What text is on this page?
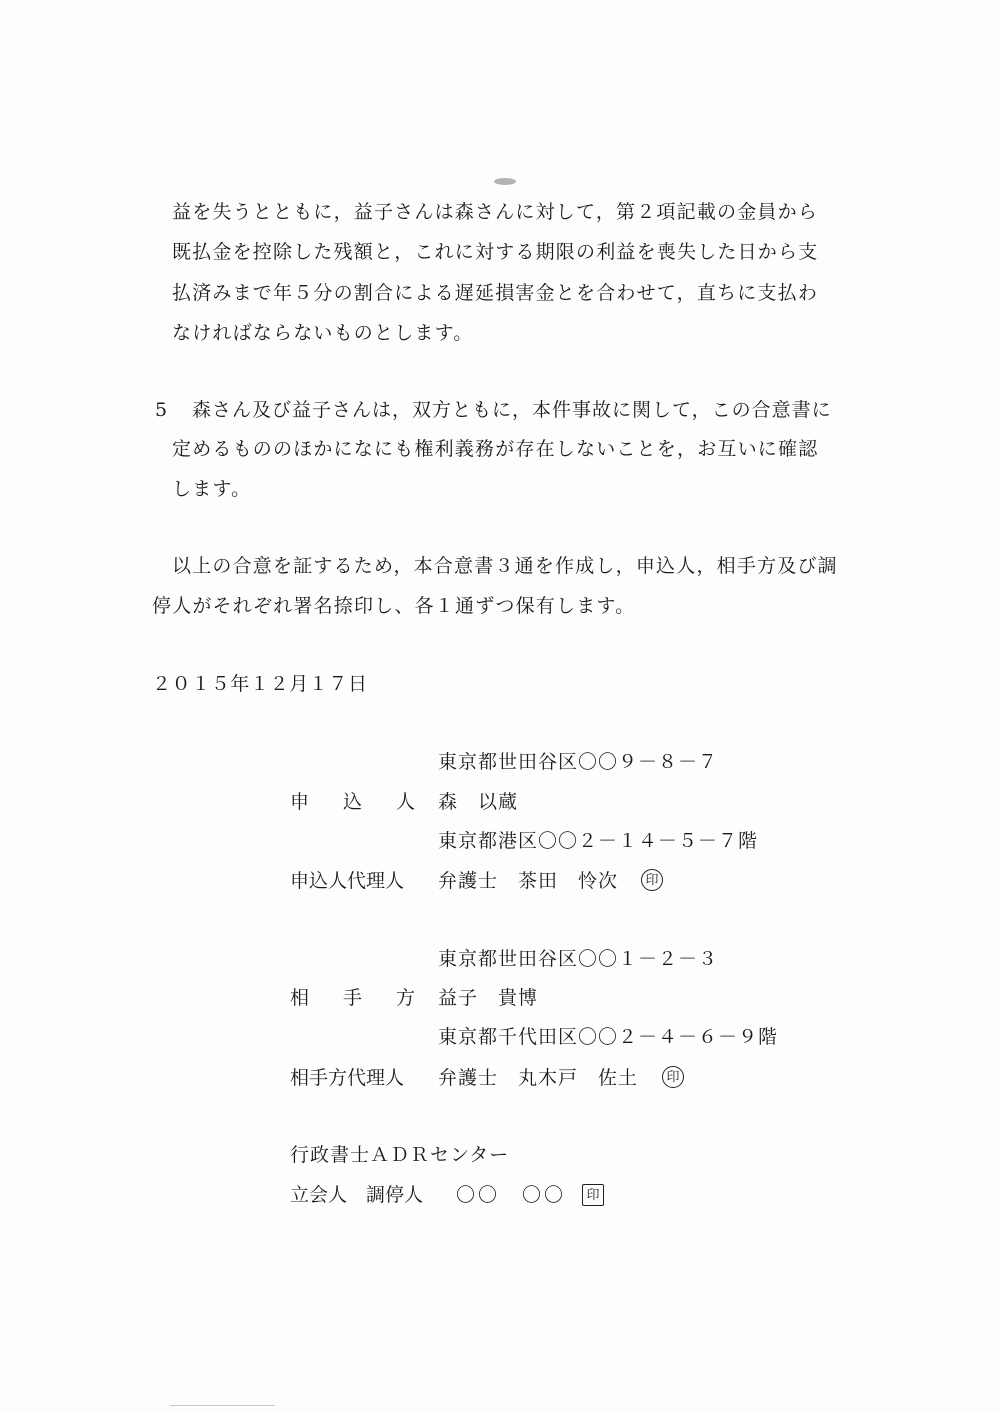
益を失うとともに，益子さんは森さんに対して，第２項記載の金員から
既払金を控除した残額と，これに対する期限の利益を喪失した日から支
払済みまで年５分の割合による遅延損害金とを合わせて，直ちに支払わ
なければならないものとします。
5 森さん及び益子さんは，双方ともに，本件事故に関して，この合意書に
定めるもののほかになにも権利義務が存在しないことを，お互いに確認
します。
以上の合意を証するため，本合意書３通を作成し，申込人，相手方及び調
停人がそれぞれ署名捺印し、各１通ずつ保有します。
２０１５年１２月１７日
東京都世田谷区〇〇９－８－７
申 込 人 森　以蔵
東京都港区〇〇２－１４－５－７階
申込人代理人 弁護士　茶田　怜次	印
東京都世田谷区〇〇１－２－３
相 手 方 益子　貴博
東京都千代田区〇〇２－４－６－９階
相手方代理人 弁護士　丸木戸　佐土	印
行政書士ＡＤＲセンター
立会人　調停人 〇〇　〇〇	印
